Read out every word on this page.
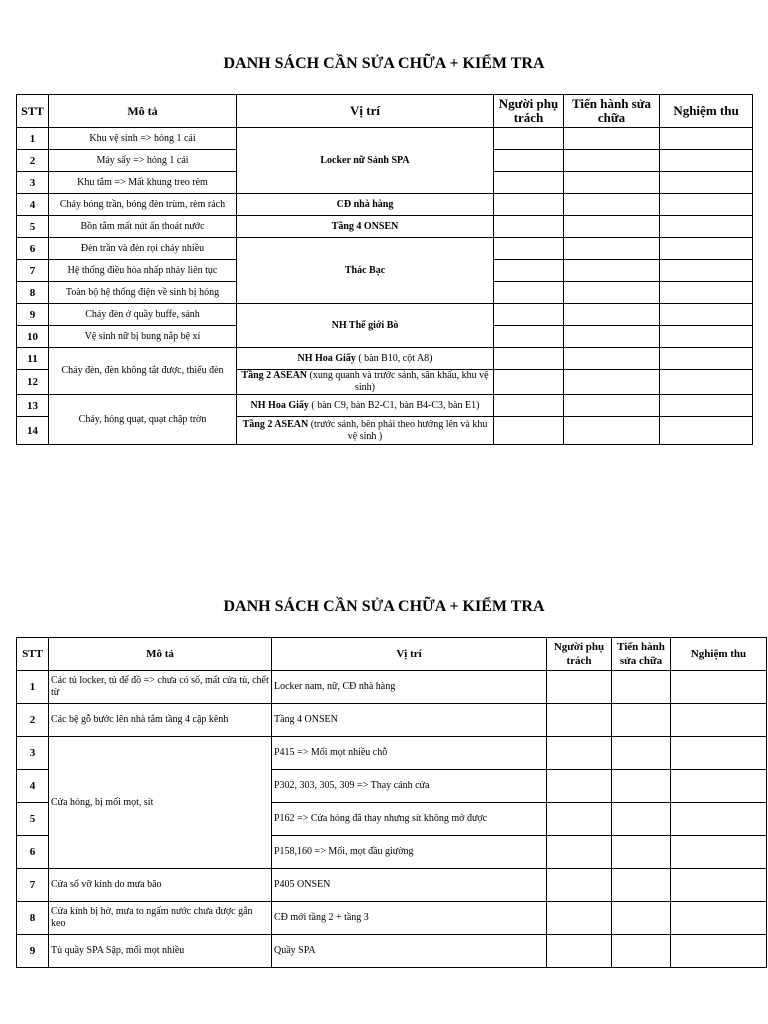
DANH SÁCH CẦN SỬA CHỮA + KIỂM TRA
STT	Mô tả	Vị trí	Người phụ trách	Tiến hành sửa chữa	Nghiệm thu
1	Khu vệ sinh => hỏng 1 cái	Locker nữ Sảnh SPA			
2	Máy sấy => hỏng 1 cái				
3	Khu tắm => Mất khung treo rèm				
4	Cháy bóng trần, bóng đèn trùm, rèm rách	CĐ nhà hàng			
5	Bồn tắm mất nút ấn thoát nước	Tầng 4 ONSEN			
6	Đèn trần và đèn rọi cháy nhiều	Thác Bạc			
7	Hệ thống điều hòa nhấp nháy liên tục				
8	Toàn bộ hệ thống điện về sinh bị hỏng				
9	Cháy đèn ở quầy buffe, sảnh	NH Thế giới Bò			
10	Vệ sinh nữ bị bung nắp bệ xí				
11	Cháy đèn, đèn không tắt được, thiếu đèn	NH Hoa Giấy ( bàn B10, cột A8)			
12		Tầng 2 ASEAN (xung quanh và trước sảnh, sân khấu, khu vệ sinh)			
13	Cháy, hỏng quạt, quạt chập trờn	NH Hoa Giấy ( bàn C9, bàn B2-C1, bàn B4-C3, bàn E1)			
14		Tầng 2 ASEAN (trước sảnh, bên phải theo hướng lên và khu vệ sinh )			
DANH SÁCH CẦN SỬA CHỮA + KIỂM TRA
STT	Mô tả	Vị trí	Người phụ trách	Tiến hành sửa chữa	Nghiệm thu
1	Các tủ locker, tủ để đồ => chưa có số, mất cửa tủ, chết từ	Locker nam, nữ, CĐ nhà hàng			
2	Các bệ gỗ bước lên nhà tắm tầng 4 cập kênh	Tầng 4 ONSEN			
3	Cửa hỏng, bị mối mọt, sít	P415 => Mối mọt nhiều chỗ			
4		P302, 303, 305, 309 => Thay cánh cửa			
5		P162 => Cửa hỏng đã thay nhưng sít không mở được			
6		P158,160 => Mối, mọt đầu giường			
7	Cửa sổ vỡ kính do mưa bão	P405 ONSEN			
8	Cửa kính bị hở, mưa to ngấm nước chưa được gắn keo	CĐ mới tầng 2 + tầng 3			
9	Tủ quầy SPA Sập, mối mọt nhiều	Quầy SPA			
